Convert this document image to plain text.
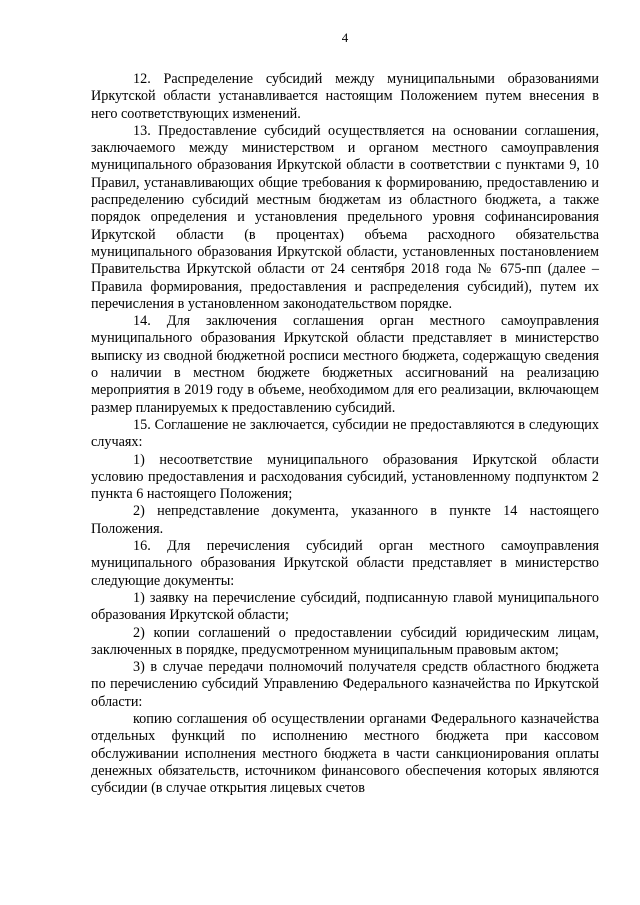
4

12. Распределение субсидий между муниципальными образованиями Иркутской области устанавливается настоящим Положением путем внесения в него соответствующих изменений.

13. Предоставление субсидий осуществляется на основании соглашения, заключаемого между министерством и органом местного самоуправления муниципального образования Иркутской области в соответствии с пунктами 9, 10 Правил, устанавливающих общие требования к формированию, предоставлению и распределению субсидий местным бюджетам из областного бюджета, а также порядок определения и установления предельного уровня софинансирования Иркутской области (в процентах) объема расходного обязательства муниципального образования Иркутской области, установленных постановлением Правительства Иркутской области от 24 сентября 2018 года № 675-пп (далее – Правила формирования, предоставления и распределения субсидий), путем их перечисления в установленном законодательством порядке.

14. Для заключения соглашения орган местного самоуправления муниципального образования Иркутской области представляет в министерство выписку из сводной бюджетной росписи местного бюджета, содержащую сведения о наличии в местном бюджете бюджетных ассигнований на реализацию мероприятия в 2019 году в объеме, необходимом для его реализации, включающем размер планируемых к предоставлению субсидий.

15. Соглашение не заключается, субсидии не предоставляются в следующих случаях:

1) несоответствие муниципального образования Иркутской области условию предоставления и расходования субсидий, установленному подпунктом 2 пункта 6 настоящего Положения;

2) непредставление документа, указанного в пункте 14 настоящего Положения.

16. Для перечисления субсидий орган местного самоуправления муниципального образования Иркутской области представляет в министерство следующие документы:

1) заявку на перечисление субсидий, подписанную главой муниципального образования Иркутской области;

2) копии соглашений о предоставлении субсидий юридическим лицам, заключенных в порядке, предусмотренном муниципальным правовым актом;

3) в случае передачи полномочий получателя средств областного бюджета по перечислению субсидий Управлению Федерального казначейства по Иркутской области:

копию соглашения об осуществлении органами Федерального казначейства отдельных функций по исполнению местного бюджета при кассовом обслуживании исполнения местного бюджета в части санкционирования оплаты денежных обязательств, источником финансового обеспечения которых являются субсидии (в случае открытия лицевых счетов
